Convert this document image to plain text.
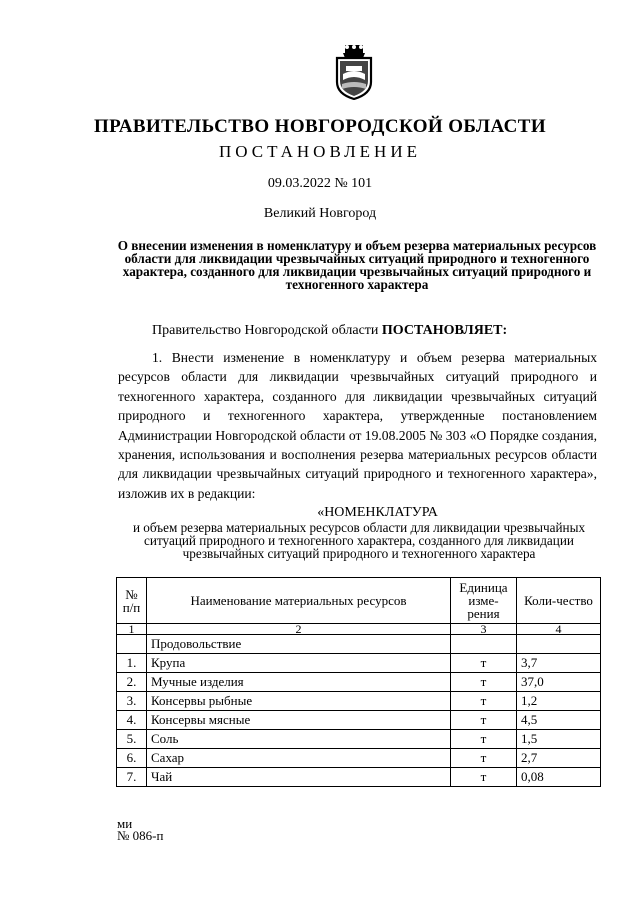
ПРАВИТЕЛЬСТВО НОВГОРОДСКОЙ ОБЛАСТИ
ПОСТАНОВЛЕНИЕ
09.03.2022 № 101
Великий Новгород
О внесении изменения в номенклатуру и объем резерва материальных ресурсов области для ликвидации чрезвычайных ситуаций природного и техногенного характера, созданного для ликвидации чрезвычайных ситуаций природного и техногенного характера
Правительство Новгородской области ПОСТАНОВЛЯЕТ:
1. Внести изменение в номенклатуру и объем резерва материальных ресурсов области для ликвидации чрезвычайных ситуаций природного и техногенного характера, созданного для ликвидации чрезвычайных ситуаций природного и техногенного характера, утвержденные постановлением Администрации Новгородской области от 19.08.2005 № 303 «О Порядке создания, хранения, использования и восполнения резерва материальных ресурсов области для ликвидации чрезвычайных ситуаций природного и техногенного характера», изложив их в редакции:
«НОМЕНКЛАТУРА
и объем резерва материальных ресурсов области для ликвидации чрезвычайных ситуаций природного и техногенного характера, созданного для ликвидации чрезвычайных ситуаций природного и техногенного характера
№ п/п	Наименование материальных ресурсов	Единица изме-рения	Коли-чество
1	2	3	4
	Продовольствие		
1.	Крупа	т	3,7
2.	Мучные изделия	т	37,0
3.	Консервы рыбные	т	1,2
4.	Консервы мясные	т	4,5
5.	Соль	т	1,5
6.	Сахар	т	2,7
7.	Чай	т	0,08
ми
№ 086-п
